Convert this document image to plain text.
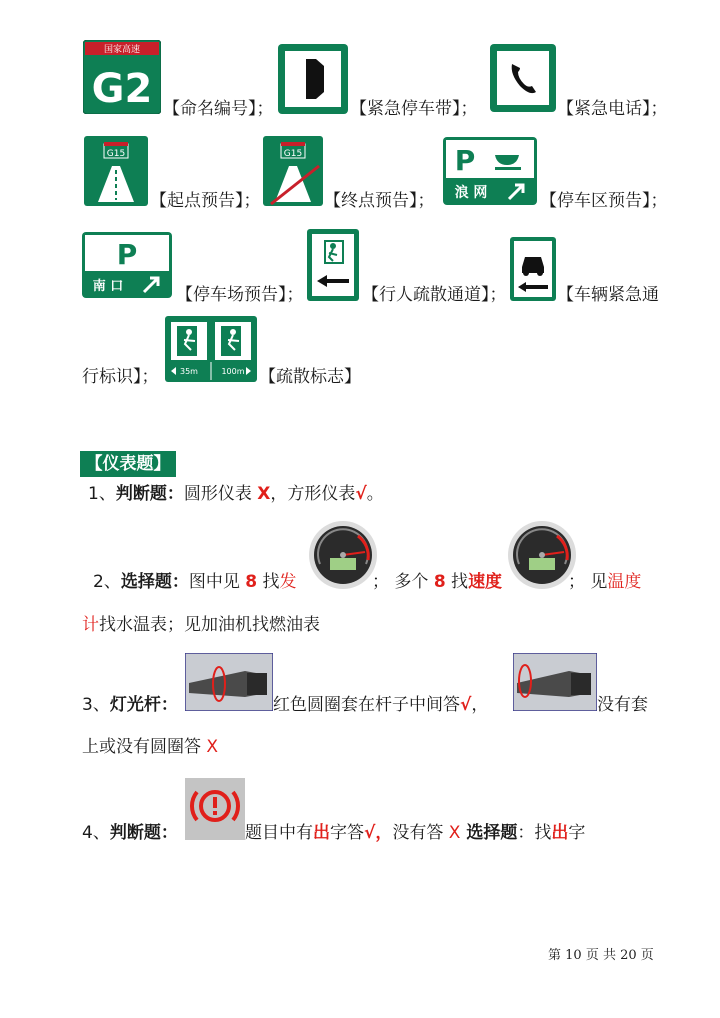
国家高速
G2 【命名编号】；	【紧急停车带】；	【紧急电话】；
G15
【起点预告】；
G15
【终点预告】；
P
浪 网	【停车区预告】；
P
南 口	【停车场预告】；	【行人疏散通道】；	【车辆紧急通
行标识】；	35m	100m 【疏散标志】
【仪表题】
1、判断题：圆形仪表 X，方形仪表√。
2、选择题：图中见 8 找发	； 多个 8 找速度	； 见温度
计找水温表；见加油机找燃油表
3、灯光杆：	红色圆圈套在杆子中间答√，	没有套
上或没有圆圈答 X
4、判断题：	题目中有出字答√，没有答 X 选择题：找出字
第 10 页 共 20 页
